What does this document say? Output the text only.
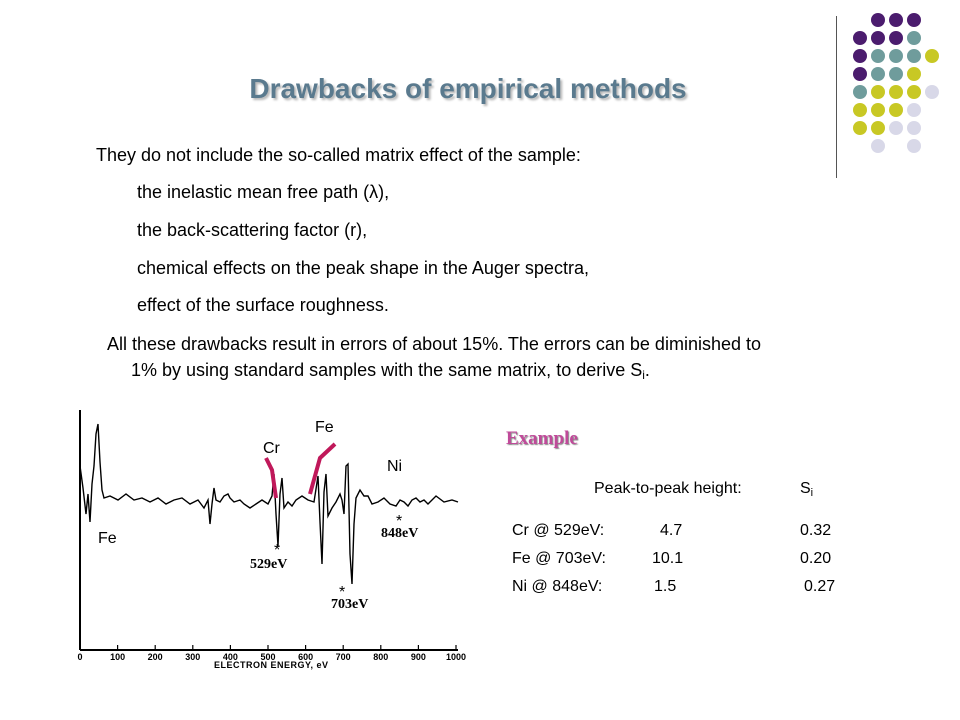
Drawbacks of empirical methods
They do not include the so-called matrix effect of the sample:
the inelastic mean free path (λ),
the back-scattering factor (r),
chemical effects on the peak shape in the Auger spectra,
effect of the surface roughness.
All these drawbacks result in errors of about 15%. The errors can be diminished to
1% by using standard samples with the same matrix, to derive $S_i$.
0	100	200	300	400	500	600	700	800	900 1000
Fe
Cr
Fe
Ni
*
529eV
*
703eV
*
848eV
ELECTRON ENERGY, eV
Example
Peak-to-peak height:	$S_i$
Cr @ 529eV:	4.7	0.32
Fe @ 703eV:	10.1	0.20
Ni @ 848eV:	1.5	0.27
